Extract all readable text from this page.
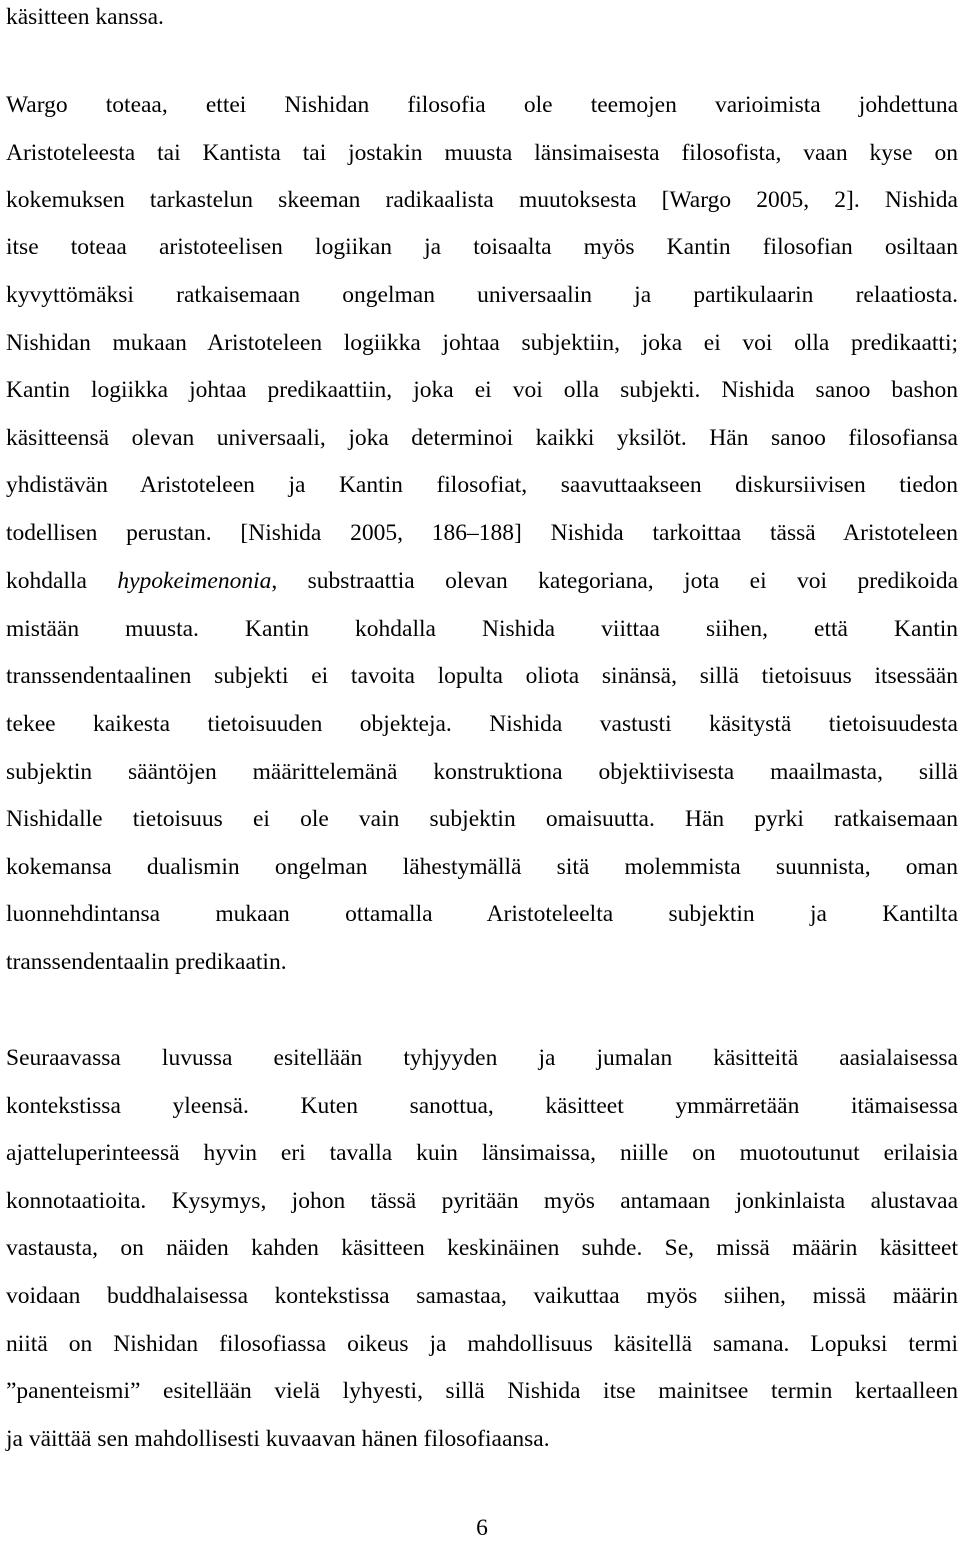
käsitteen kanssa.
Wargo toteaa, ettei Nishidan filosofia ole teemojen varioimista johdettuna
Aristoteleesta tai Kantista tai jostakin muusta länsimaisesta filosofista, vaan kyse on
kokemuksen tarkastelun skeeman radikaalista muutoksesta [Wargo 2005, 2]. Nishida
itse toteaa aristoteelisen logiikan ja toisaalta myös Kantin filosofian osiltaan
kyvyttömäksi ratkaisemaan ongelman universaalin ja partikulaarin relaatiosta.
Nishidan mukaan Aristoteleen logiikka johtaa subjektiin, joka ei voi olla predikaatti;
Kantin logiikka johtaa predikaattiin, joka ei voi olla subjekti. Nishida sanoo bashon
käsitteensä olevan universaali, joka determinoi kaikki yksilöt. Hän sanoo filosofiansa
yhdistävän Aristoteleen ja Kantin filosofiat, saavuttaakseen diskursiivisen tiedon
todellisen perustan. [Nishida 2005, 186–188] Nishida tarkoittaa tässä Aristoteleen
kohdalla hypokeimenonia, substraattia olevan kategoriana, jota ei voi predikoida
mistään muusta. Kantin kohdalla Nishida viittaa siihen, että Kantin
transsendentaalinen subjekti ei tavoita lopulta oliota sinänsä, sillä tietoisuus itsessään
tekee kaikesta tietoisuuden objekteja. Nishida vastusti käsitystä tietoisuudesta
subjektin sääntöjen määrittelemänä konstruktiona objektiivisesta maailmasta, sillä
Nishidalle tietoisuus ei ole vain subjektin omaisuutta. Hän pyrki ratkaisemaan
kokemansa dualismin ongelman lähestymällä sitä molemmista suunnista, oman
luonnehdintansa mukaan ottamalla Aristoteleelta subjektin ja Kantilta
transsendentaalin predikaatin.
Seuraavassa luvussa esitellään tyhjyyden ja jumalan käsitteitä aasialaisessa
kontekstissa yleensä. Kuten sanottua, käsitteet ymmärretään itämaisessa
ajatteluperinteessä hyvin eri tavalla kuin länsimaissa, niille on muotoutunut erilaisia
konnotaatioita. Kysymys, johon tässä pyritään myös antamaan jonkinlaista alustavaa
vastausta, on näiden kahden käsitteen keskinäinen suhde. Se, missä määrin käsitteet
voidaan buddhalaisessa kontekstissa samastaa, vaikuttaa myös siihen, missä määrin
niitä on Nishidan filosofiassa oikeus ja mahdollisuus käsitellä samana. Lopuksi termi
”panenteismi” esitellään vielä lyhyesti, sillä Nishida itse mainitsee termin kertaalleen
ja väittää sen mahdollisesti kuvaavan hänen filosofiaansa.
6
